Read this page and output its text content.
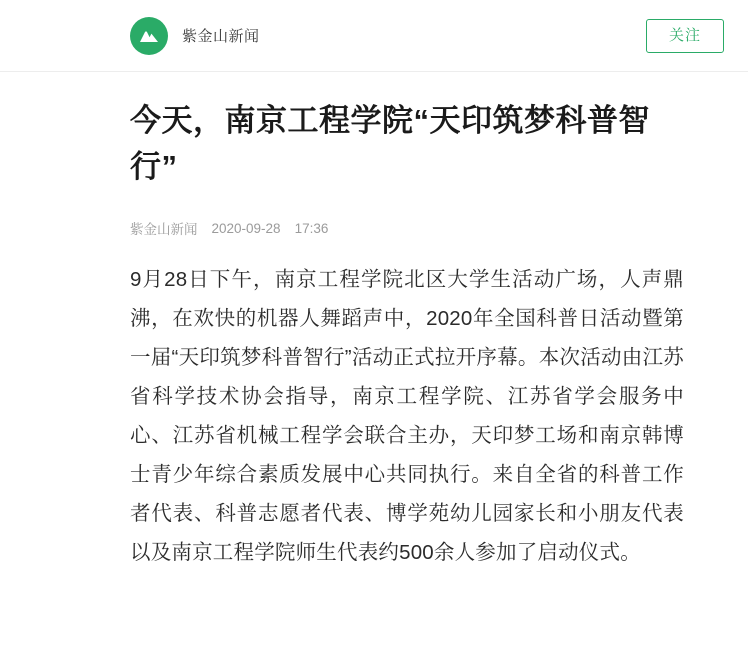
紫金山新闻	关注
今天，南京工程学院“天印筑梦科普智行”
紫金山新闻 2020-09-28 17:36

9月28日下午，南京工程学院北区大学生活动广场，人声鼎沸，在欢快的机器人舞蹈声中，2020年全国科普日活动暨第一届“天印筑梦科普智行”活动正式拉开序幕。本次活动由江苏省科学技术协会指导，南京工程学院、江苏省学会服务中心、江苏省机械工程学会联合主办，天印梦工场和南京韩博士青少年综合素质发展中心共同执行。来自全省的科普工作者代表、科普志愿者代表、博学苑幼儿园家长和小朋友代表以及南京工程学院师生代表约500余人参加了启动仪式。
